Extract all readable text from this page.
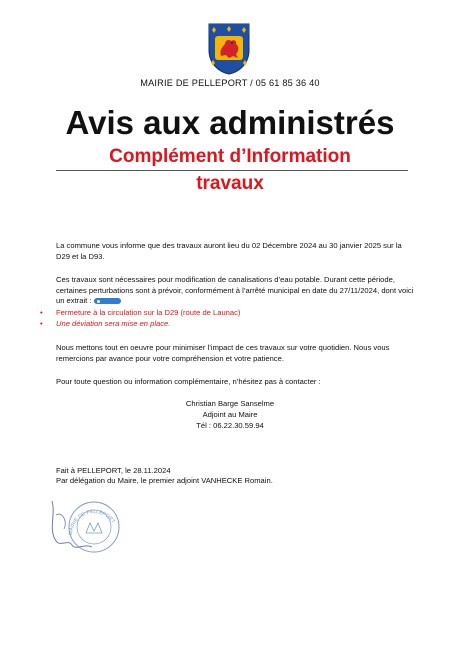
MAIRIE DE PELLEPORT / 05 61 85 36 40
Avis aux administrés
Complément d’Information
travaux
La commune vous informe que des travaux auront lieu du 02 Décembre 2024 au 30 janvier 2025 sur la D29 et la D93.
Ces travaux sont nécessaires pour modification de canalisations d’eau potable. Durant cette période, certaines perturbations sont à prévoir, conformément à l’arrêté municipal en date du 27/11/2024, dont voici un extrait :
• Fermeture à la circulation sur la D29 (route de Launac)
• Une déviation sera mise en place.
Nous mettons tout en oeuvre pour minimiser l’impact de ces travaux sur votre quotidien. Nous vous remercions par avance pour votre compréhension et votre patience.
Pour toute question ou information complémentaire, n’hésitez pas à contacter :
Christian Barge Sanselme
Adjoint au Maire
Tél : 06.22.30.59.94
Fait à PELLEPORT, le 28.11.2024
Par délégation du Maire, le premier adjoint VANHECKE Romain.
MAIRIE DE PELLEPORT
